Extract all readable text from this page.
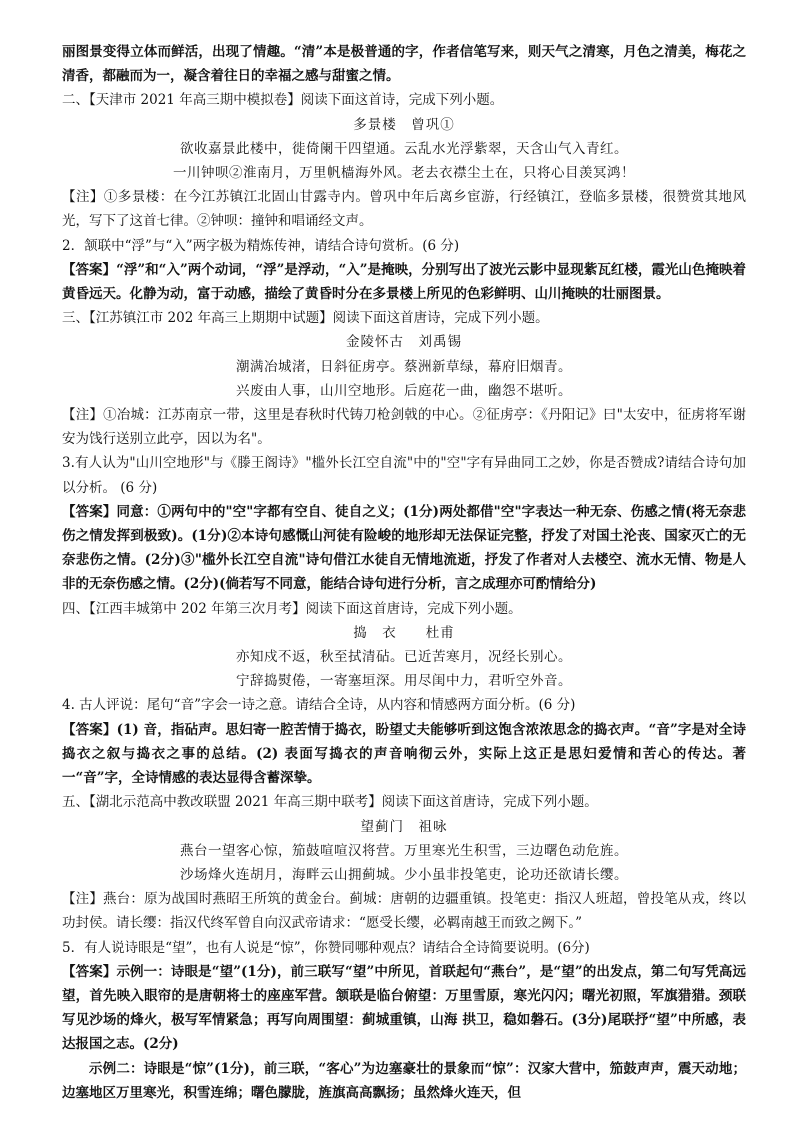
丽图景变得立体而鲜活，出现了情趣。“清”本是极普通的字，作者信笔写来，则天气之清寒，月色之清美，梅花之清香，都融而为一，凝含着往日的幸福之感与甜蜜之情。

二、【天津市 2021 年高三期中模拟卷】阅读下面这首诗，完成下列小题。

多景楼　曾巩①

欲收嘉景此楼中，徙倚阑干四望通。云乱水光浮紫翠，天含山气入青红。

一川钟呗②淮南月，万里帆樯海外风。老去衣襟尘土在，只将心目羡冥鸿！

【注】①多景楼：在今江苏镇江北固山甘露寺内。曾巩中年后离乡宦游，行经镇江，登临多景楼，很赞赏其地风光，写下了这首七律。②钟呗：撞钟和唱诵经文声。

2．颔联中“浮”与“入”两字极为精炼传神，请结合诗句赏析。(6 分)

【答案】“浮”和“入”两个动词，“浮”是浮动，“入”是掩映，分别写出了波光云影中显现紫瓦红楼，霞光山色掩映着黄昏远天。化静为动，富于动感，描绘了黄昏时分在多景楼上所见的色彩鲜明、山川掩映的壮丽图景。

三、【江苏镇江市 202 年高三上期期中试题】阅读下面这首唐诗，完成下列小题。

金陵怀古　刘禹锡

潮满冶城渚，日斜征虏亭。蔡洲新草绿，幕府旧烟青。

兴废由人事，山川空地形。后庭花一曲，幽怨不堪听。

【注】①冶城：江苏南京一带，这里是春秋时代铸刀枪剑戟的中心。②征虏亭：《丹阳记》曰"太安中，征虏将军谢安为饯行送别立此亭，因以为名"。

3.有人认为"山川空地形"与《滕王阁诗》"槛外长江空自流"中的"空"字有异曲同工之妙，你是否赞成?请结合诗句加以分析。 (6 分)

【答案】同意：①两句中的"空"字都有空自、徒自之义；(1分)两处都借"空"字表达一种无奈、伤感之情(将无奈悲伤之情发挥到极致)。(1分)②本诗句感慨山河徒有险峻的地形却无法保证完整，抒发了对国土沦丧、国家灭亡的无奈悲伤之情。(2分)③"槛外长江空自流"诗句借江水徒自无情地流逝，抒发了作者对人去楼空、流水无情、物是人非的无奈伤感之情。(2分)(倘若写不同意，能结合诗句进行分析，言之成理亦可酌情给分)

四、【江西丰城第中 202 年第三次月考】阅读下面这首唐诗，完成下列小题。

捣　衣　　杜甫

亦知戍不返，秋至拭清砧。已近苦寒月，况经长别心。

宁辞捣熨倦，一寄塞垣深。用尽闺中力，君听空外音。

4. 古人评说：尾句“音”字会一诗之意。请结合全诗，从内容和情感两方面分析。(6 分)

【答案】(1) 音，指砧声。思妇寄一腔苦情于捣衣，盼望丈夫能够听到这饱含浓浓思念的捣衣声。“音”字是对全诗捣衣之叙与捣衣之事的总结。(2) 表面写捣衣的声音响彻云外，实际上这正是思妇爱情和苦心的传达。著一“音”字，全诗情感的表达显得含蓄深挚。

五、【湖北示范高中教改联盟 2021 年高三期中联考】阅读下面这首唐诗，完成下列小题。

望蓟门　祖咏

燕台一望客心惊，笳鼓喧喧汉将营。万里寒光生积雪，三边曙色动危旌。

沙场烽火连胡月，海畔云山拥蓟城。少小虽非投笔吏，论功还欲请长缨。

【注】燕台：原为战国时燕昭王所筑的黄金台。蓟城：唐朝的边疆重镇。投笔吏：指汉人班超，曾投笔从戎，终以功封侯。请长缨：指汉代终军曾自向汉武帝请求：“愿受长缨，必羁南越王而致之阙下。”

5．有人说诗眼是“望”，也有人说是“惊”，你赞同哪种观点？请结合全诗简要说明。(6分)

【答案】示例一：诗眼是“望”(1分)，前三联写“望”中所见，首联起句“燕台”，是“望”的出发点，第二句写凭高远望，首先映入眼帘的是唐朝将士的座座军营。颔联是临台俯望：万里雪原，寒光闪闪；曙光初照，军旗猎猎。颈联写见沙场的烽火，极写军情紧急；再写向周围望：蓟城重镇，山海 拱卫，稳如磐石。(3分)尾联抒“望”中所感，表达报国之志。(2分)

示例二：诗眼是“惊”(1分)，前三联，“客心”为边塞豪壮的景象而“惊”：汉家大营中，笳鼓声声，震天动地；边塞地区万里寒光，积雪连绵；曙色朦胧，旌旗高高飘扬；虽然烽火连天，但
